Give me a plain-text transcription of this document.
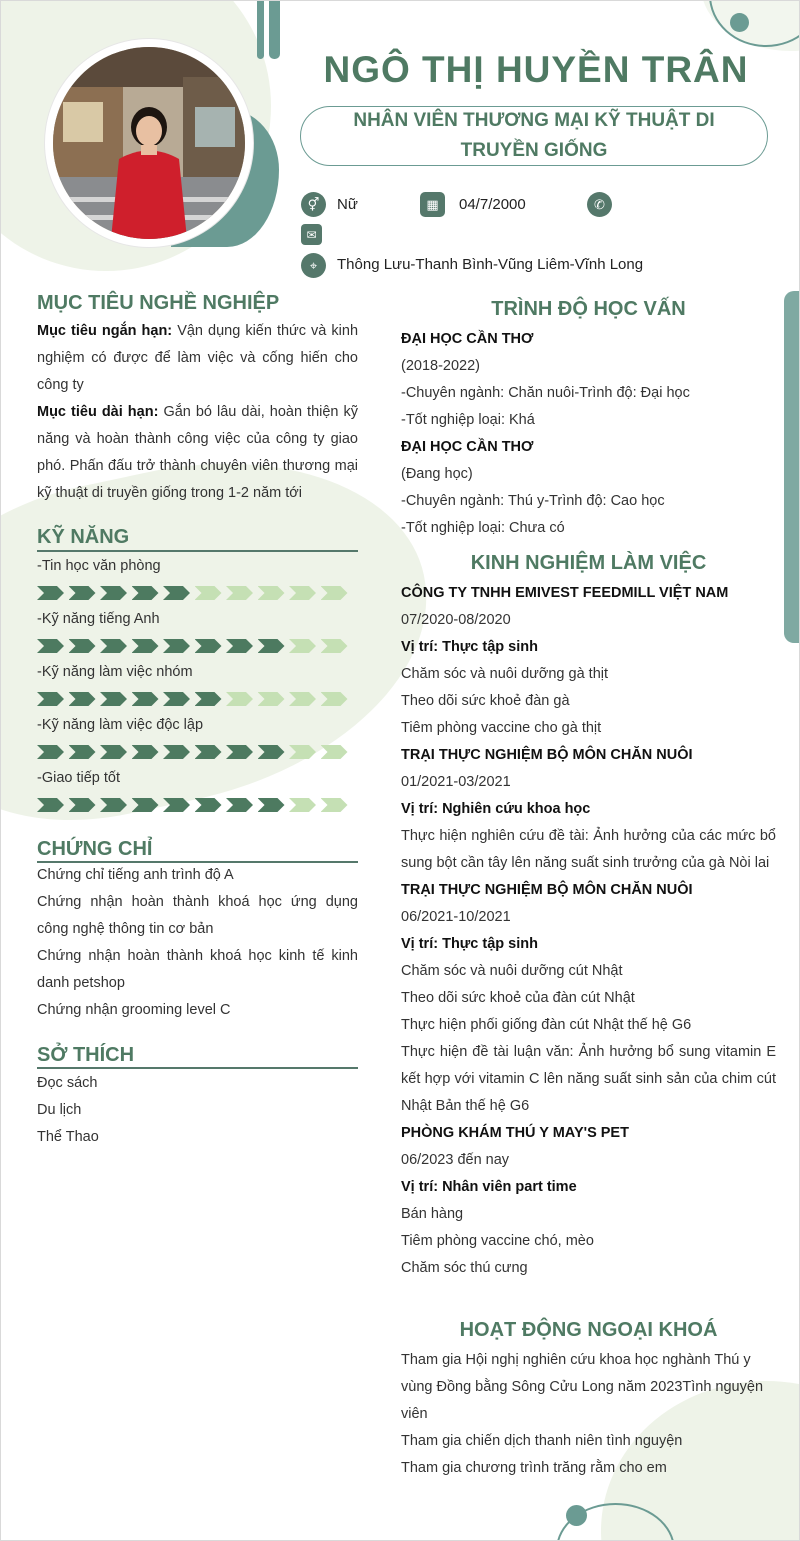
NGÔ THỊ HUYỀN TRÂN
NHÂN VIÊN THƯƠNG MẠI KỸ THUẬT DI TRUYỀN GIỐNG
⚥	Nữ	▦	04/7/2000	✆
✉
⌖	Thông Lưu-Thanh Bình-Vũng Liêm-Vĩnh Long
MỤC TIÊU NGHỀ NGHIỆP
Mục tiêu ngắn hạn: Vận dụng kiến thức và kinh nghiệm có được để làm việc và cống hiến cho công ty
Mục tiêu dài hạn: Gắn bó lâu dài, hoàn thiện kỹ năng và hoàn thành công việc của công ty giao phó. Phấn đấu trở thành chuyên viên thương mại kỹ thuật di truyền giống trong 1-2 năm tới
KỸ NĂNG
-Tin học văn phòng
-Kỹ năng tiếng Anh
-Kỹ năng làm việc nhóm
-Kỹ năng làm việc độc lập
-Giao tiếp tốt
CHỨNG CHỈ
Chứng chỉ tiếng anh trình độ A
Chứng nhận hoàn thành khoá học ứng dụng công nghệ thông tin cơ bản
Chứng nhận hoàn thành khoá học kinh tế kinh danh petshop
Chứng nhận grooming level C
SỞ THÍCH
Đọc sách
Du lịch
Thể Thao
TRÌNH ĐỘ HỌC VẤN
ĐẠI HỌC CẦN THƠ
(2018-2022)
-Chuyên ngành: Chăn nuôi-Trình độ: Đại học
-Tốt nghiệp loại: Khá
ĐẠI HỌC CẦN THƠ
(Đang học)
-Chuyên ngành: Thú y-Trình độ: Cao học
-Tốt nghiệp loại: Chưa có
KINH NGHIỆM LÀM VIỆC
CÔNG TY TNHH EMIVEST FEEDMILL VIỆT NAM
07/2020-08/2020
Vị trí: Thực tập sinh
Chăm sóc và nuôi dưỡng gà thịt
Theo dõi sức khoẻ đàn gà
Tiêm phòng vaccine cho gà thịt
TRẠI THỰC NGHIỆM BỘ MÔN CHĂN NUÔI
01/2021-03/2021
Vị trí: Nghiên cứu khoa học
Thực hiện nghiên cứu đề tài: Ảnh hưởng của các mức bổ sung bột cần tây lên năng suất sinh trưởng của gà Nòi lai
TRẠI THỰC NGHIỆM BỘ MÔN CHĂN NUÔI
06/2021-10/2021
Vị trí: Thực tập sinh
Chăm sóc và nuôi dưỡng cút Nhật
Theo dõi sức khoẻ của đàn cút Nhật
Thực hiện phối giống đàn cút Nhật thế hệ G6
Thực hiện đề tài luận văn: Ảnh hưởng bổ sung vitamin E kết hợp với vitamin C lên năng suất sinh sản của chim cút Nhật Bản thế hệ G6
PHÒNG KHÁM THÚ Y MAY'S PET
06/2023 đến nay
Vị trí: Nhân viên part time
Bán hàng
Tiêm phòng vaccine chó, mèo
Chăm sóc thú cưng
HOẠT ĐỘNG NGOẠI KHOÁ
Tham gia Hội nghị nghiên cứu khoa học nghành Thú y vùng Đồng bằng Sông Cửu Long năm 2023Tình nguyện viên
Tham gia chiến dịch thanh niên tình nguyện
Tham gia chương trình trăng rằm cho em
